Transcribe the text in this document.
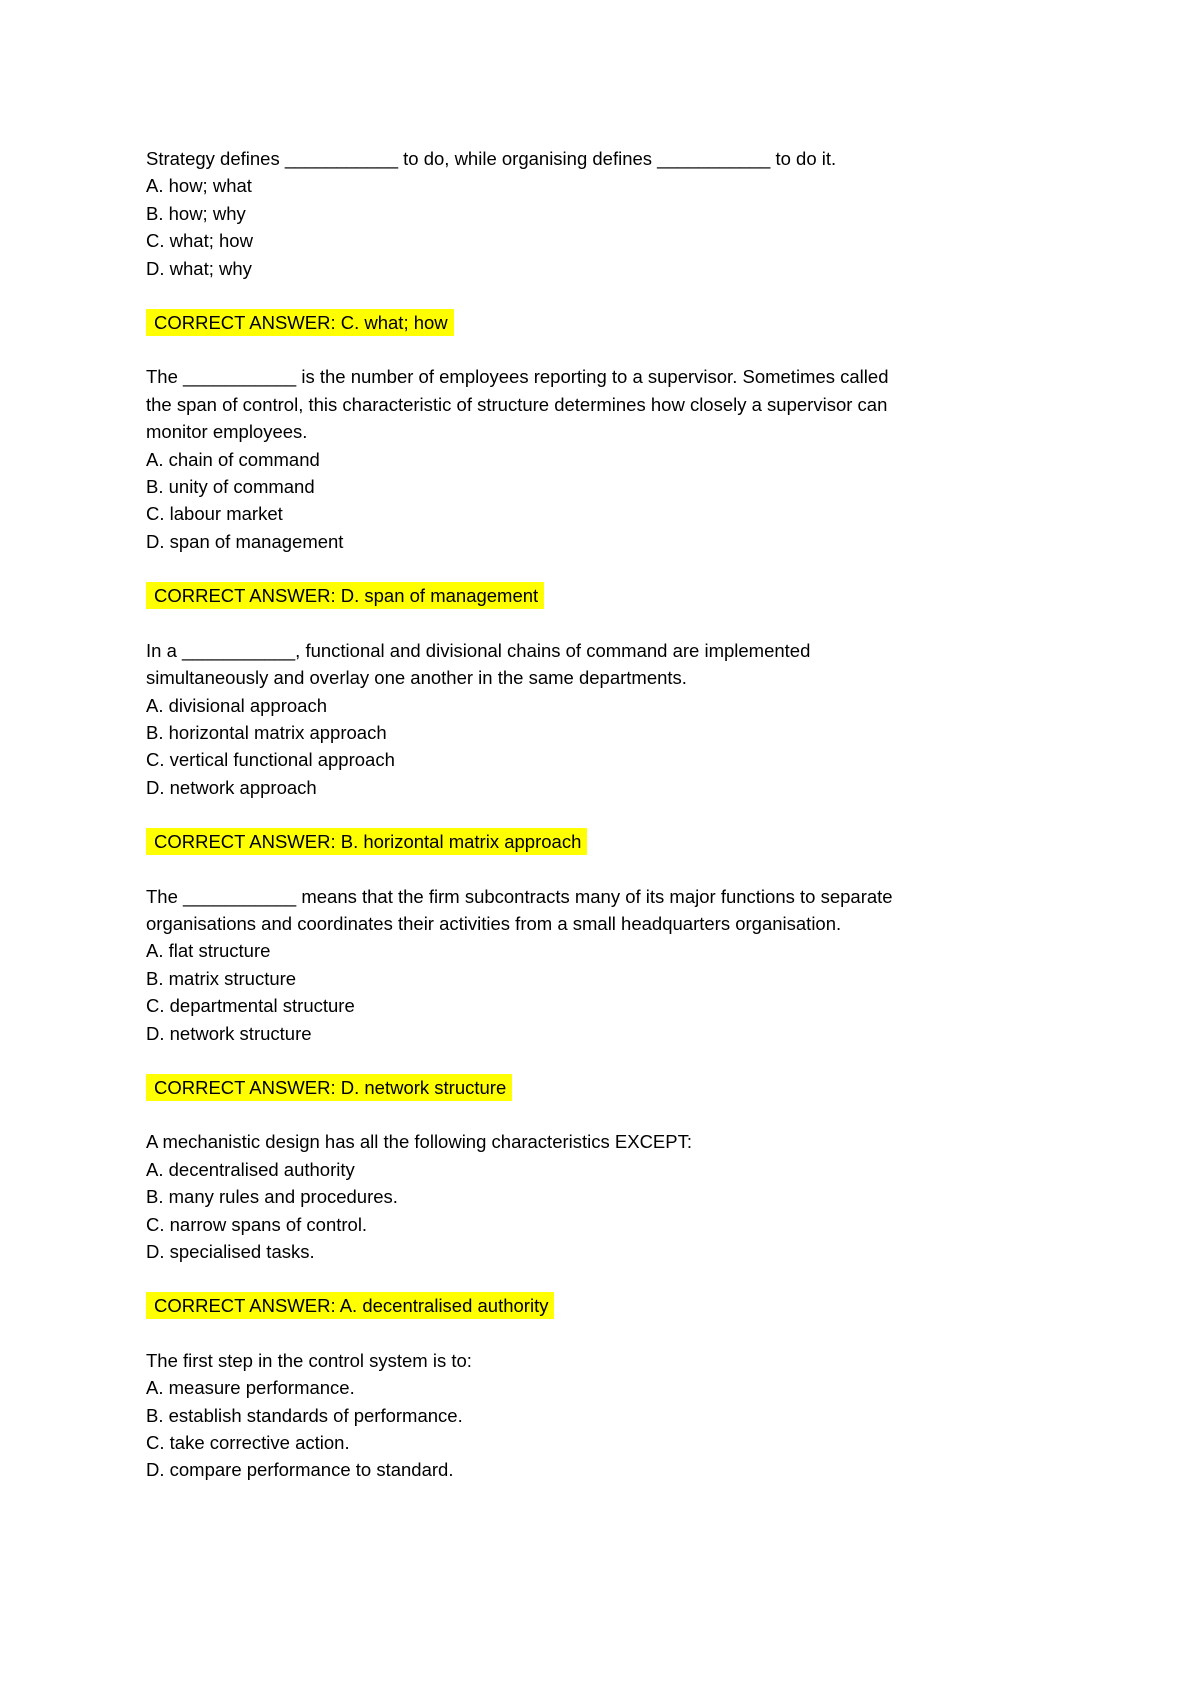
Strategy defines ___________ to do, while organising defines ___________ to do it.
A. how; what
B. how; why
C. what; how
D. what; why
CORRECT ANSWER: C. what; how
The ___________ is the number of employees reporting to a supervisor. Sometimes called the span of control, this characteristic of structure determines how closely a supervisor can monitor employees.
A. chain of command
B. unity of command
C. labour market
D. span of management
CORRECT ANSWER: D. span of management
In a ___________, functional and divisional chains of command are implemented simultaneously and overlay one another in the same departments.
A. divisional approach
B. horizontal matrix approach
C. vertical functional approach
D. network approach
CORRECT ANSWER: B. horizontal matrix approach
The ___________ means that the firm subcontracts many of its major functions to separate organisations and coordinates their activities from a small headquarters organisation.
A. flat structure
B. matrix structure
C. departmental structure
D. network structure
CORRECT ANSWER: D. network structure
A mechanistic design has all the following characteristics EXCEPT:
A. decentralised authority
B. many rules and procedures.
C. narrow spans of control.
D. specialised tasks.
CORRECT ANSWER: A. decentralised authority
The first step in the control system is to:
A. measure performance.
B. establish standards of performance.
C. take corrective action.
D. compare performance to standard.
